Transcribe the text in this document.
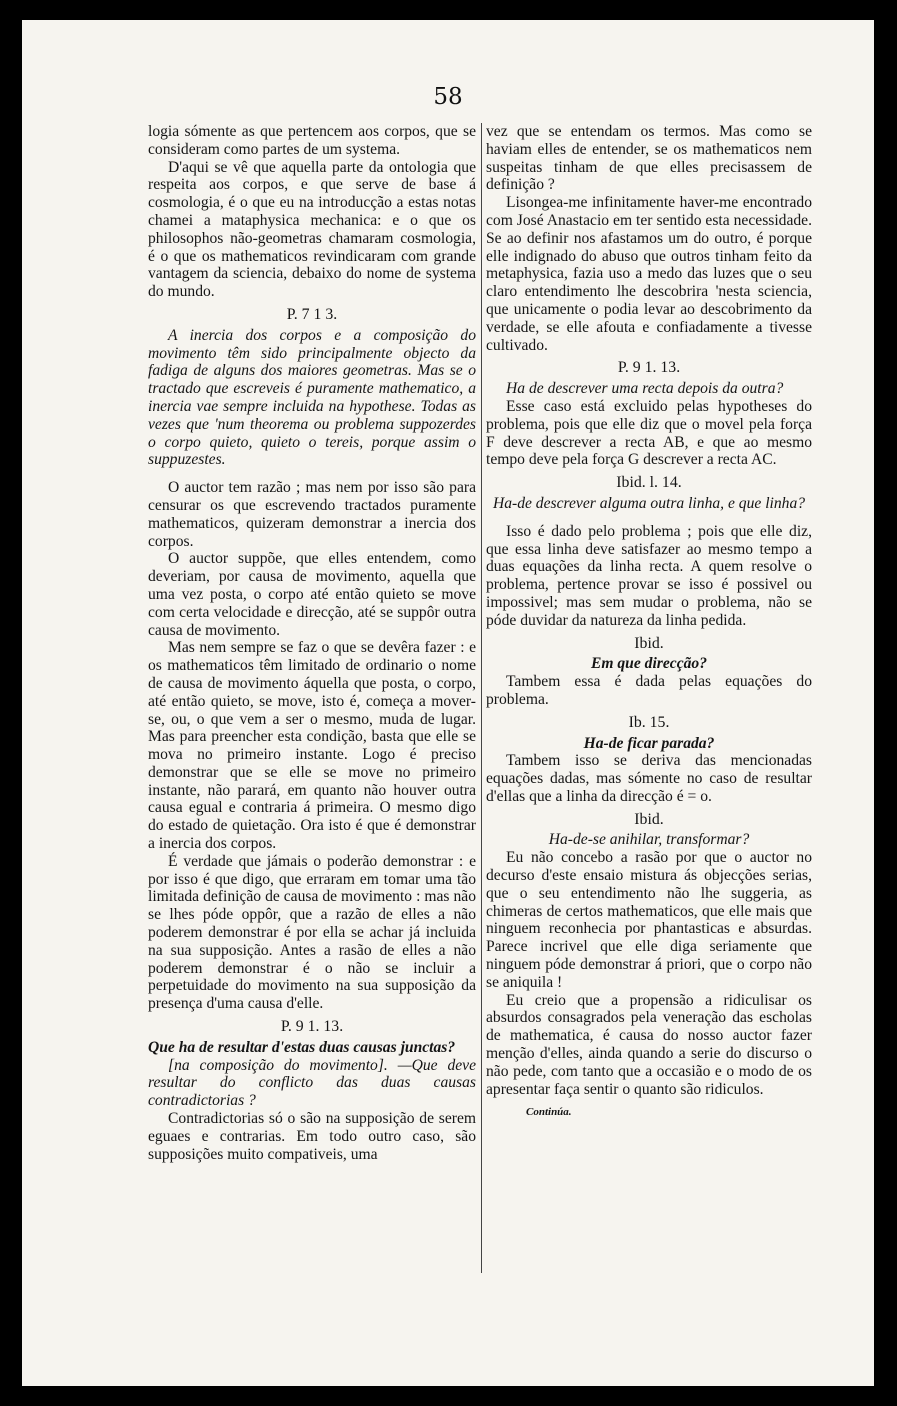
58

logia sómente as que pertencem aos corpos, que se consideram como partes de um systema.

D'aqui se vê que aquella parte da ontologia que respeita aos corpos, e que serve de base á cosmologia, é o que eu na introducção a estas notas chamei a mataphysica mechanica: e o que os philosophos não-geometras chamaram cosmologia, é o que os mathematicos revindicaram com grande vantagem da sciencia, debaixo do nome de systema do mundo.

P. 7 1 3.

A inercia dos corpos e a composição do movimento têm sido principalmente objecto da fadiga de alguns dos maiores geometras. Mas se o tractado que escreveis é puramente mathematico, a inercia vae sempre incluida na hypothese. Todas as vezes que 'num theorema ou problema suppozerdes o corpo quieto, quieto o tereis, porque assim o suppuzestes.

O auctor tem razão ; mas nem por isso são para censurar os que escrevendo tractados puramente mathematicos, quizeram demonstrar a inercia dos corpos.

O auctor suppõe, que elles entendem, como deveriam, por causa de movimento, aquella que uma vez posta, o corpo até então quieto se move com certa velocidade e direcção, até se suppôr outra causa de movimento.

Mas nem sempre se faz o que se devêra fazer : e os mathematicos têm limitado de ordinario o nome de causa de movimento áquella que posta, o corpo, até então quieto, se move, isto é, começa a mover-se, ou, o que vem a ser o mesmo, muda de lugar. Mas para preencher esta condição, basta que elle se mova no primeiro instante. Logo é preciso demonstrar que se elle se move no primeiro instante, não parará, em quanto não houver outra causa egual e contraria á primeira. O mesmo digo do estado de quietação. Ora isto é que é demonstrar a inercia dos corpos.

É verdade que jámais o poderão demonstrar : e por isso é que digo, que erraram em tomar uma tão limitada definição de causa de movimento : mas não se lhes póde oppôr, que a razão de elles a não poderem demonstrar é por ella se achar já incluida na sua supposição. Antes a rasão de elles a não poderem demonstrar é o não se incluir a perpetuidade do movimento na sua supposição da presença d'uma causa d'elle.

P. 9 1. 13.

Que ha de resultar d'estas duas causas junctas?

[na composição do movimento]. —Que deve resultar do conflicto das duas causas contradictorias ?

Contradictorias só o são na supposição de serem eguaes e contrarias. Em todo outro caso, são supposições muito compativeis, uma

vez que se entendam os termos. Mas como se haviam elles de entender, se os mathematicos nem suspeitas tinham de que elles precisassem de definição ?

Lisongea-me infinitamente haver-me encontrado com José Anastacio em ter sentido esta necessidade. Se ao definir nos afastamos um do outro, é porque elle indignado do abuso que outros tinham feito da metaphysica, fazia uso a medo das luzes que o seu claro entendimento lhe descobrira 'nesta sciencia, que unicamente o podia levar ao descobrimento da verdade, se elle afouta e confiadamente a tivesse cultivado.

P. 9 1. 13.

Ha de descrever uma recta depois da outra?

Esse caso está excluido pelas hypotheses do problema, pois que elle diz que o movel pela força F deve descrever a recta AB, e que ao mesmo tempo deve pela força G descrever a recta AC.

Ibid. l. 14.

Ha-de descrever alguma outra linha, e que linha?

Isso é dado pelo problema ; pois que elle diz, que essa linha deve satisfazer ao mesmo tempo a duas equações da linha recta. A quem resolve o problema, pertence provar se isso é possivel ou impossivel; mas sem mudar o problema, não se póde duvidar da natureza da linha pedida.

Ibid.

Em que direcção?

Tambem essa é dada pelas equações do problema.

Ib. 15.

Ha-de ficar parada?

Tambem isso se deriva das mencionadas equações dadas, mas sómente no caso de resultar d'ellas que a linha da direcção é = o.

Ibid.

Ha-de-se anihilar, transformar?

Eu não concebo a rasão por que o auctor no decurso d'este ensaio mistura ás objecções serias, que o seu entendimento não lhe suggeria, as chimeras de certos mathematicos, que elle mais que ninguem reconhecia por phantasticas e absurdas. Parece incrivel que elle diga seriamente que ninguem póde demonstrar á priori, que o corpo não se aniquila !

Eu creio que a propensão a ridiculisar os absurdos consagrados pela veneração das escholas de mathematica, é causa do nosso auctor fazer menção d'elles, ainda quando a serie do discurso o não pede, com tanto que a occasião e o modo de os apresentar faça sentir o quanto são ridiculos.

Continúa.
